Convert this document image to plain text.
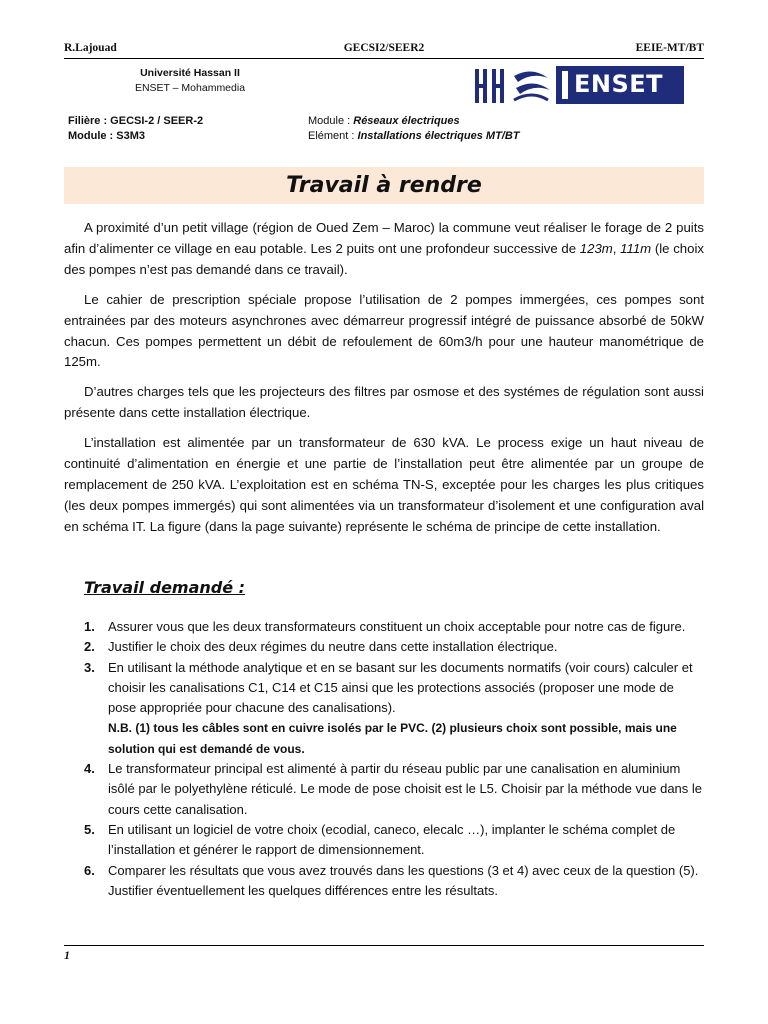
R.Lajouad	GECSI2/SEER2	EEIE-MT/BT
Université Hassan II
ENSET – Mohammedia	ENSET
Filière : GECSI-2 / SEER-2
Module : S3M3
Module : Réseaux électriques
Elément : Installations électriques MT/BT
Travail à rendre

A proximité d’un petit village (région de Oued Zem – Maroc) la commune veut réaliser le forage de 2 puits afin d’alimenter ce village en eau potable. Les 2 puits ont une profondeur successive de 123m, 111m (le choix des pompes n’est pas demandé dans ce travail).

Le cahier de prescription spéciale propose l’utilisation de 2 pompes immergées, ces pompes sont entrainées par des moteurs asynchrones avec démarreur progressif intégré de puissance absorbé de 50kW chacun. Ces pompes permettent un débit de refoulement de 60m3/h pour une hauteur manométrique de 125m.

D’autres charges tels que les projecteurs des filtres par osmose et des systémes de régulation sont aussi présente dans cette installation électrique.

L’installation est alimentée par un transformateur de 630 kVA. Le process exige un haut niveau de continuité d’alimentation en énergie et une partie de l’installation peut être alimentée par un groupe de remplacement de 250 kVA. L’exploitation est en schéma TN-S, exceptée pour les charges les plus critiques (les deux pompes immergés) qui sont alimentées via un transformateur d’isolement et une configuration aval en schéma IT. La figure (dans la page suivante) représente le schéma de principe de cette installation.

Travail demandé :
1. Assurer vous que les deux transformateurs constituent un choix acceptable pour notre cas de figure.
2. Justifier le choix des deux régimes du neutre dans cette installation électrique.
3. En utilisant la méthode analytique et en se basant sur les documents normatifs (voir cours) calculer et choisir les canalisations C1, C14 et C15 ainsi que les protections associés (proposer une mode de pose appropriée pour chacune des canalisations).
N.B. (1) tous les câbles sont en cuivre isolés par le PVC. (2) plusieurs choix sont possible, mais une solution qui est demandé de vous.
4. Le transformateur principal est alimenté à partir du réseau public par une canalisation en aluminium isôlé par le polyethylène réticulé. Le mode de pose choisit est le L5. Choisir par la méthode vue dans le cours cette canalisation.
5. En utilisant un logiciel de votre choix (ecodial, caneco, elecalc …), implanter le schéma complet de l’installation et générer le rapport de dimensionnement.
6. Comparer les résultats que vous avez trouvés dans les questions (3 et 4) avec ceux de la question (5). Justifier éventuellement les quelques différences entre les résultats.
1
